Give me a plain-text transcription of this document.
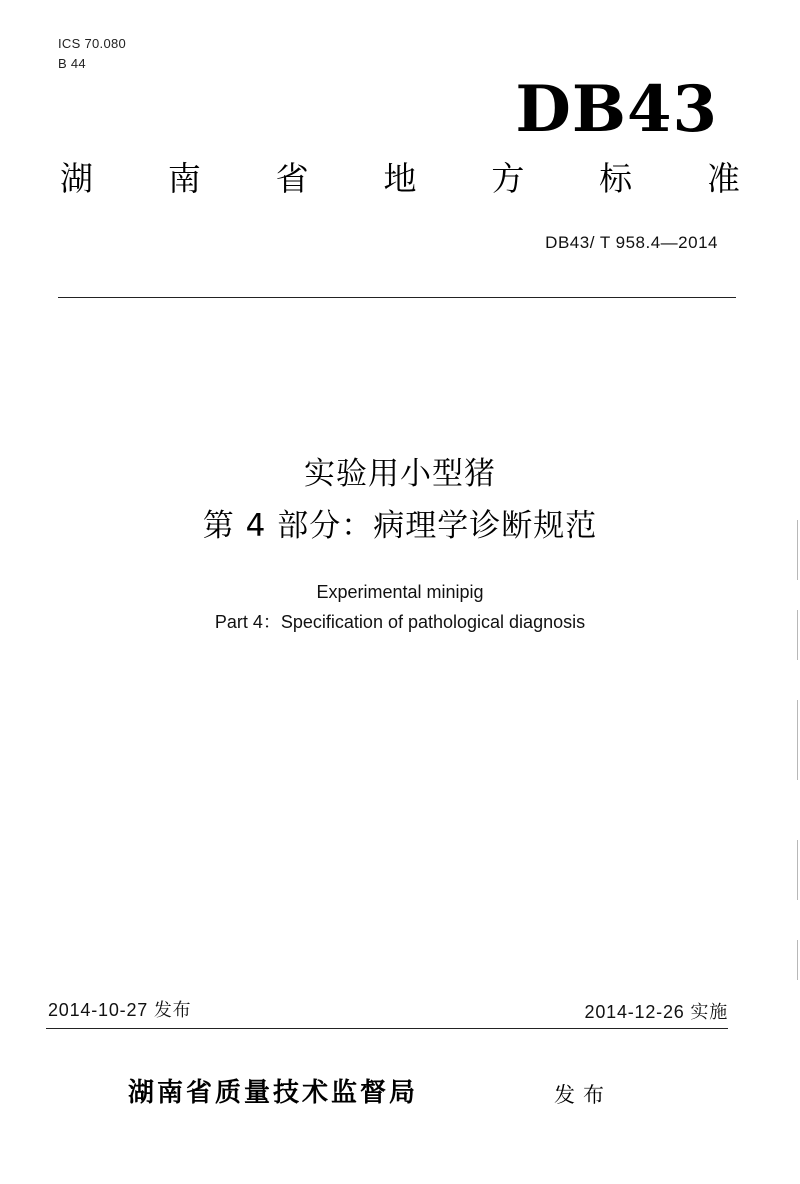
ICS 70.080
B 44
DB43
湖 南 省 地 方 标 准
DB43/ T 958.4—2014
实验用小型猪
第 4 部分：病理学诊断规范
Experimental minipig
Part 4：Specification of pathological diagnosis
2014-10-27 发布	2014-12-26 实施
湖南省质量技术监督局	发布
